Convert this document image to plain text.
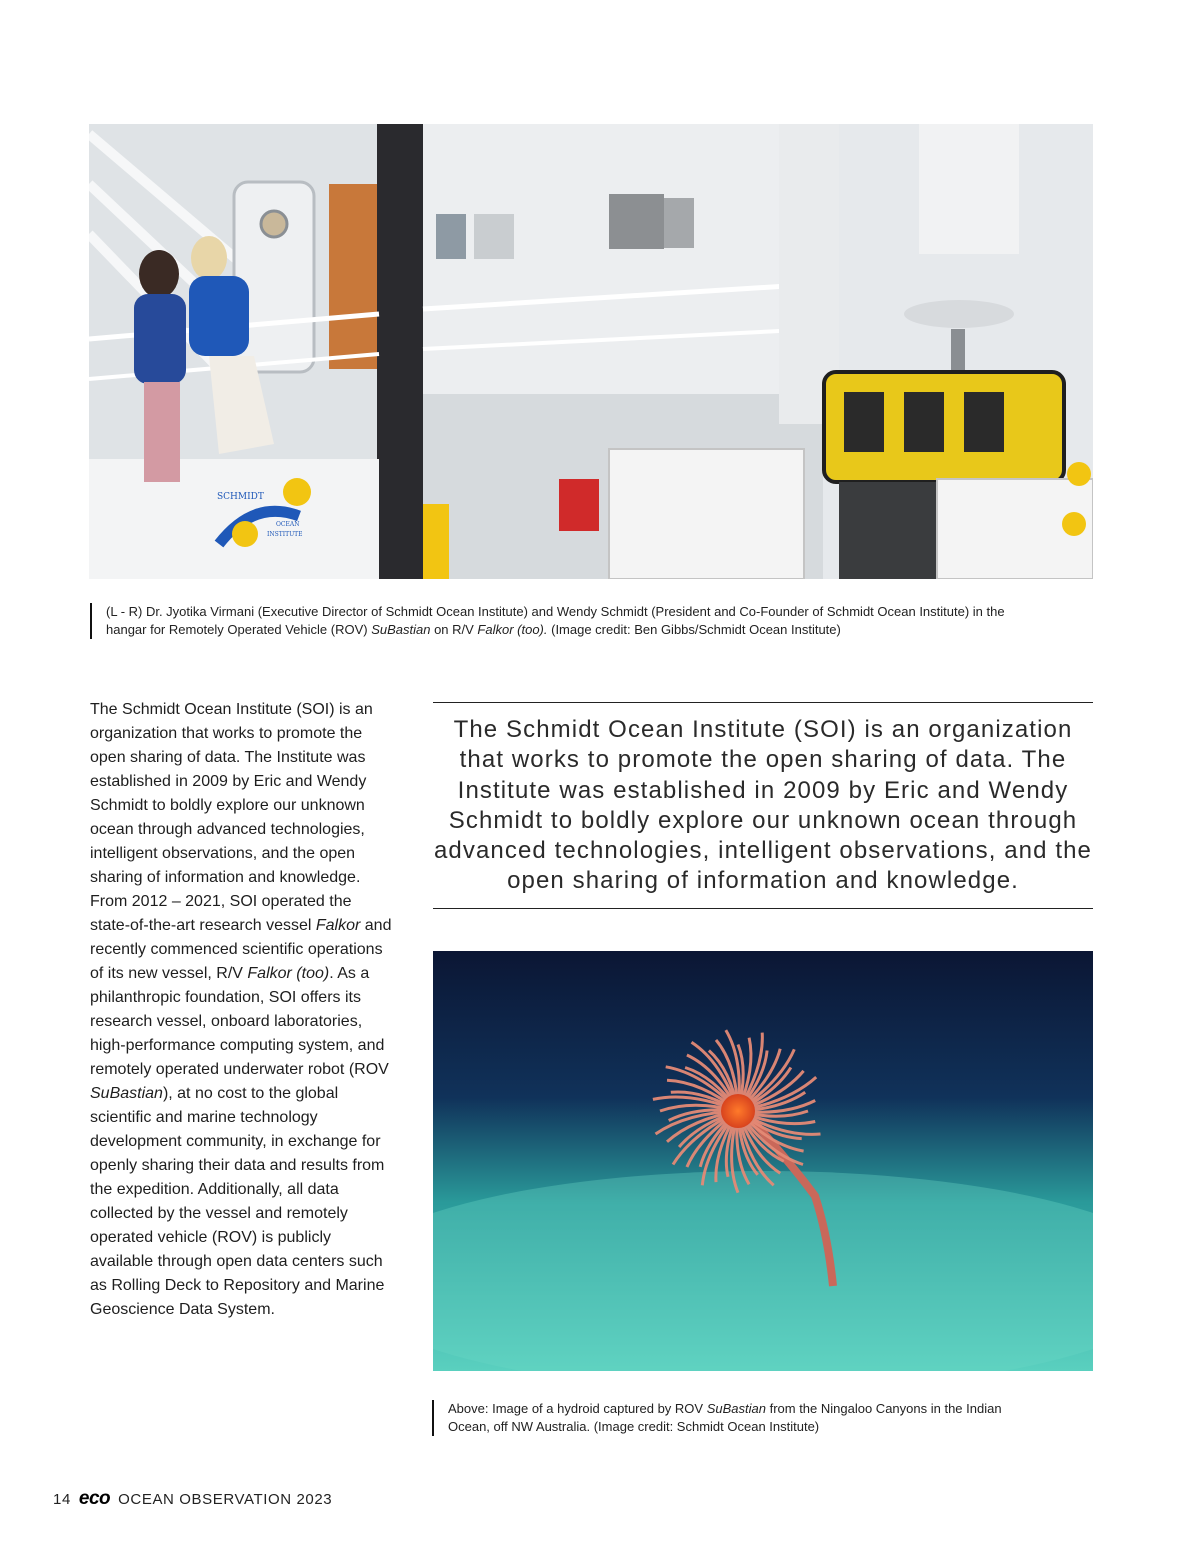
SCHMIDT
OCEAN
INSTITUTE
(L - R) Dr. Jyotika Virmani (Executive Director of Schmidt Ocean Institute) and Wendy Schmidt (President and Co-Founder of Schmidt Ocean Institute) in the hangar for Remotely Operated Vehicle (ROV) SuBastian on R/V Falkor (too). (Image credit: Ben Gibbs/Schmidt Ocean Institute)
The Schmidt Ocean Institute (SOI) is an organization that works to promote the open sharing of data. The Institute was established in 2009 by Eric and Wendy Schmidt to boldly explore our unknown ocean through advanced technologies, intelligent observations, and the open sharing of information and knowledge. From 2012 – 2021, SOI operated the state-of-the-art research vessel Falkor and recently commenced scientific operations of its new vessel, R/V Falkor (too). As a philanthropic foundation, SOI offers its research vessel, onboard laboratories, high-performance computing system, and remotely operated underwater robot (ROV SuBastian), at no cost to the global scientific and marine technology development community, in exchange for openly sharing their data and results from the expedition. Additionally, all data collected by the vessel and remotely operated vehicle (ROV) is publicly available through open data centers such as Rolling Deck to Repository and Marine Geoscience Data System.
The Schmidt Ocean Institute (SOI) is an organization that works to promote the open sharing of data. The Institute was established in 2009 by Eric and Wendy Schmidt to boldly explore our unknown ocean through advanced technologies, intelligent observations, and the open sharing of information and knowledge.
Above: Image of a hydroid captured by ROV SuBastian from the Ningaloo Canyons in the Indian Ocean, off NW Australia. (Image credit: Schmidt Ocean Institute)
14 eco OCEAN OBSERVATION 2023
